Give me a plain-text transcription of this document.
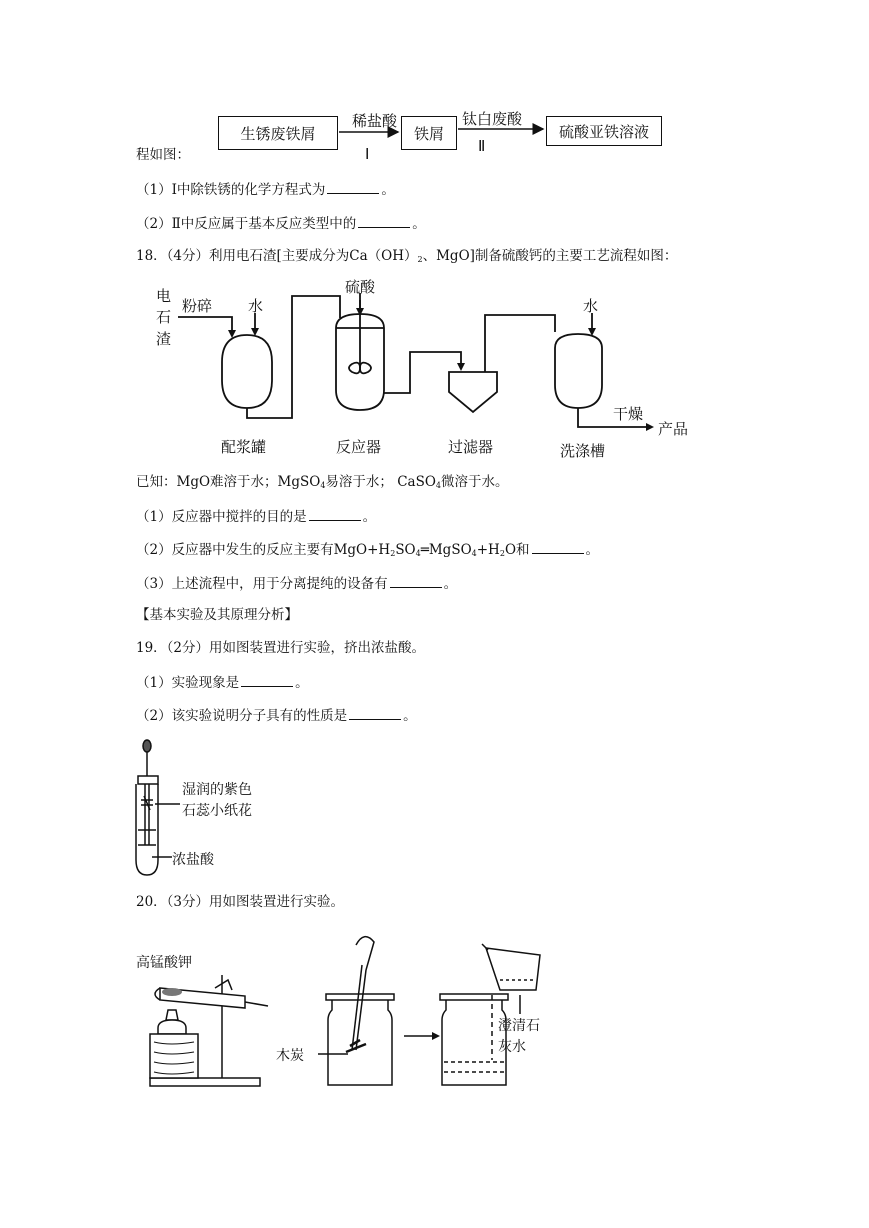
程如图：
生锈废铁屑
稀盐酸
Ⅰ
铁屑
钛白废酸
Ⅱ
硫酸亚铁溶液
（1）Ⅰ中除铁锈的化学方程式为	。
（2）Ⅱ中反应属于基本反应类型中的	。
18．（4分）利用电石渣[主要成分为$Ca(OH)_2$、MgO]制备硫酸钙的主要工艺流程如图：
电
石
渣
粉碎 水
硫酸
水
干燥
产品
配浆罐	反应器	过滤器	洗涤槽
已知：MgO难溶于水；MgSO$_4$易溶于水； CaSO$_4$微溶于水。
（1）反应器中搅拌的目的是	。
（2）反应器中发生的反应主要有$MgO+H_2SO_4═MgSO_4+H_2O$和	。
（3）上述流程中，用于分离提纯的设备有	。
【基本实验及其原理分析】
19．（2分）用如图装置进行实验，挤出浓盐酸。
（1）实验现象是	。
（2）该实验说明分子具有的性质是	。
湿润的紫色
石蕊小纸花
浓盐酸
20．（3分）用如图装置进行实验。
高锰酸钾
木炭
澄清石
灰水
